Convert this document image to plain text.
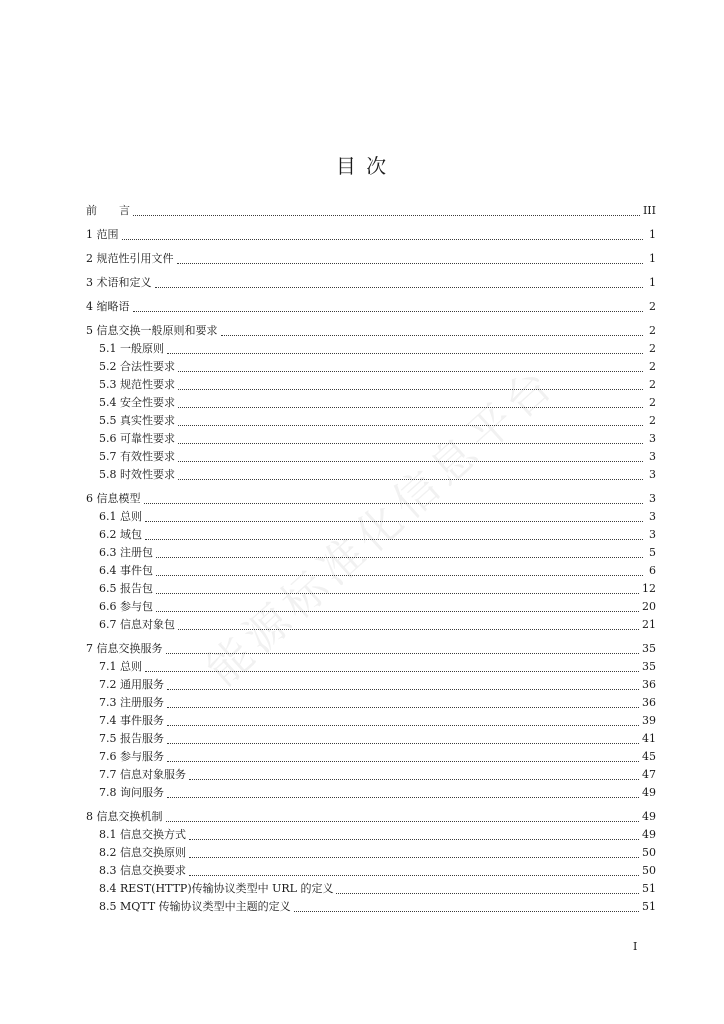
目 次
能源标准化信息平台
前　　言	III
1 范围	1
2 规范性引用文件	1
3 术语和定义	1
4 缩略语	2
5 信息交换一般原则和要求	2
5.1 一般原则	2
5.2 合法性要求	2
5.3 规范性要求	2
5.4 安全性要求	2
5.5 真实性要求	2
5.6 可靠性要求	3
5.7 有效性要求	3
5.8 时效性要求	3
6 信息模型	3
6.1 总则	3
6.2 域包	3
6.3 注册包	5
6.4 事件包	6
6.5 报告包	12
6.6 参与包	20
6.7 信息对象包	21
7 信息交换服务	35
7.1 总则	35
7.2 通用服务	36
7.3 注册服务	36
7.4 事件服务	39
7.5 报告服务	41
7.6 参与服务	45
7.7 信息对象服务	47
7.8 询问服务	49
8 信息交换机制	49
8.1 信息交换方式	49
8.2 信息交换原则	50
8.3 信息交换要求	50
8.4 REST(HTTP)传输协议类型中 URL 的定义	51
8.5 MQTT 传输协议类型中主题的定义	51
I
